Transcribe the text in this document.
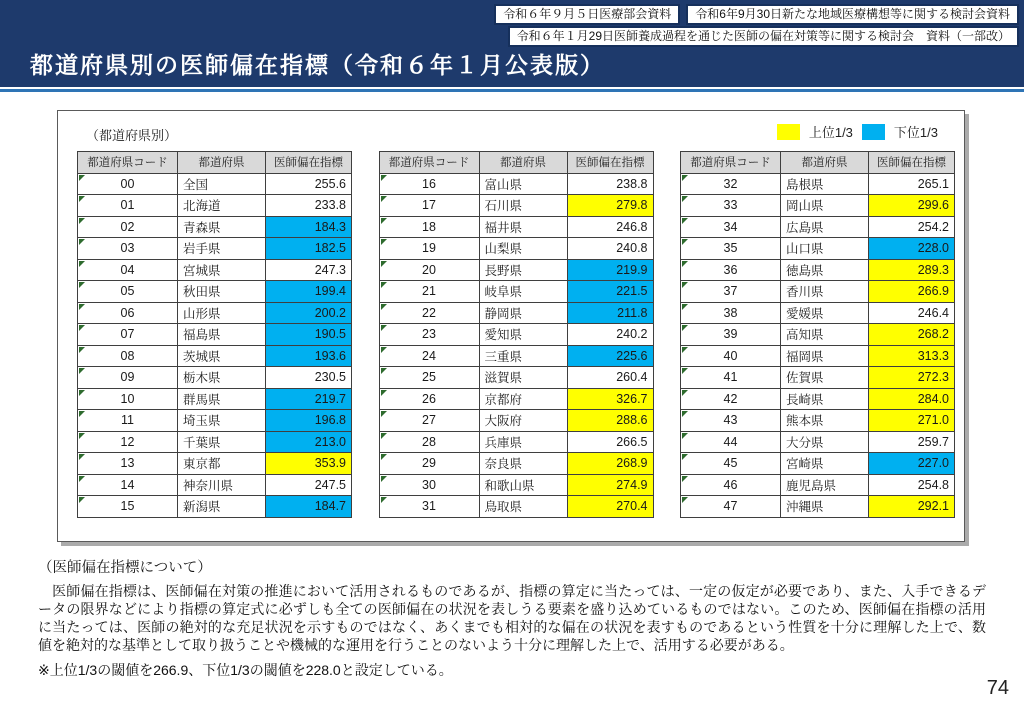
令和６年９月５日医療部会資料	令和6年9月30日新たな地域医療構想等に関する検討会資料
令和６年１月29日医師養成過程を通じた医師の偏在対策等に関する検討会　資料（一部改）
都道府県別の医師偏在指標（令和６年１月公表版）
（都道府県別）	上位1/3	下位1/3
都道府県コード	都道府県	医師偏在指標

00	全国	255.6

01	北海道	233.8

02	青森県	184.3

03	岩手県	182.5

04	宮城県	247.3

05	秋田県	199.4

06	山形県	200.2

07	福島県	190.5

08	茨城県	193.6

09	栃木県	230.5

10	群馬県	219.7

11	埼玉県	196.8

12	千葉県	213.0

13	東京都	353.9

14	神奈川県	247.5

15	新潟県	184.7
都道府県コード	都道府県	医師偏在指標

16	富山県	238.8

17	石川県	279.8

18	福井県	246.8

19	山梨県	240.8

20	長野県	219.9

21	岐阜県	221.5

22	静岡県	211.8

23	愛知県	240.2

24	三重県	225.6

25	滋賀県	260.4

26	京都府	326.7

27	大阪府	288.6

28	兵庫県	266.5

29	奈良県	268.9

30	和歌山県	274.9

31	鳥取県	270.4
都道府県コード	都道府県	医師偏在指標

32	島根県	265.1

33	岡山県	299.6

34	広島県	254.2

35	山口県	228.0

36	徳島県	289.3

37	香川県	266.9

38	愛媛県	246.4

39	高知県	268.2

40	福岡県	313.3

41	佐賀県	272.3

42	長崎県	284.0

43	熊本県	271.0

44	大分県	259.7

45	宮崎県	227.0

46	鹿児島県	254.8

47	沖縄県	292.1
（医師偏在指標について）
　医師偏在指標は、医師偏在対策の推進において活用されるものであるが、指標の算定に当たっては、一定の仮定が必要であり、また、入手できるデータの限界などにより指標の算定式に必ずしも全ての医師偏在の状況を表しうる要素を盛り込めているものではない。このため、医師偏在指標の活用に当たっては、医師の絶対的な充足状況を示すものではなく、あくまでも相対的な偏在の状況を表すものであるという性質を十分に理解した上で、数値を絶対的な基準として取り扱うことや機械的な運用を行うことのないよう十分に理解した上で、活用する必要がある。
※上位1/3の閾値を266.9、下位1/3の閾値を228.0と設定している。
74
